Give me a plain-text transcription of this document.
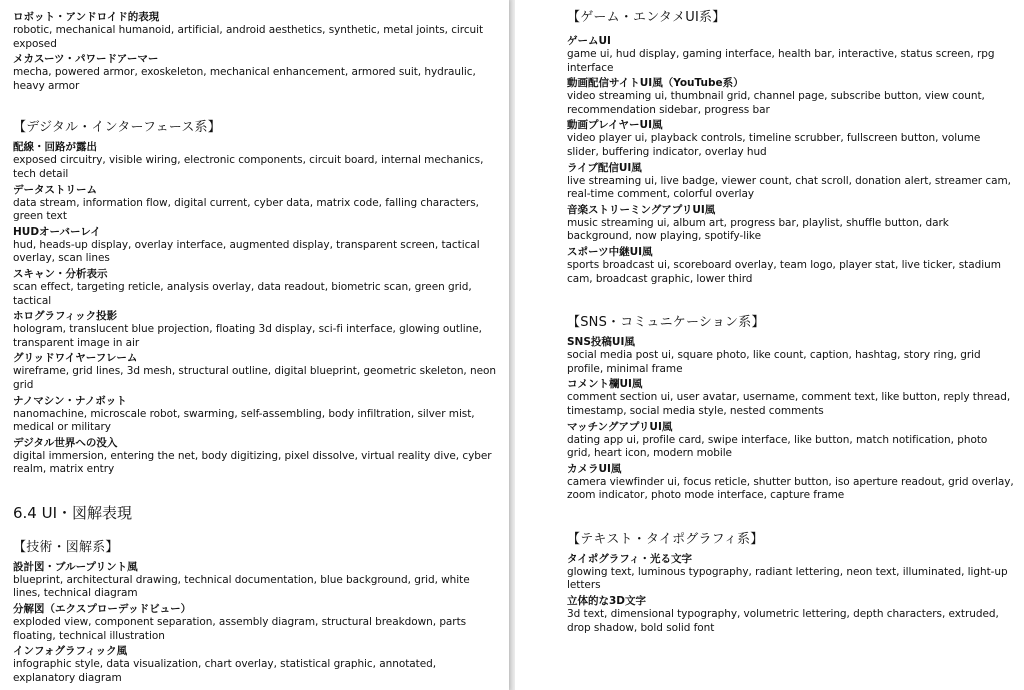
ロボット・アンドロイド的表現

robotic, mechanical humanoid, artificial, android aesthetics, synthetic, metal joints, circuit exposed

メカスーツ・パワードアーマー

mecha, powered armor, exoskeleton, mechanical enhancement, armored suit, hydraulic, heavy armor

【デジタル・インターフェース系】

配線・回路が露出

exposed circuitry, visible wiring, electronic components, circuit board, internal mechanics, tech detail

データストリーム

data stream, information flow, digital current, cyber data, matrix code, falling characters, green text

HUDオーバーレイ

hud, heads-up display, overlay interface, augmented display, transparent screen, tactical overlay, scan lines

スキャン・分析表示

scan effect, targeting reticle, analysis overlay, data readout, biometric scan, green grid, tactical

ホログラフィック投影

hologram, translucent blue projection, floating 3d display, sci-fi interface, glowing outline, transparent image in air

グリッドワイヤーフレーム

wireframe, grid lines, 3d mesh, structural outline, digital blueprint, geometric skeleton, neon grid

ナノマシン・ナノボット

nanomachine, microscale robot, swarming, self-assembling, body infiltration, silver mist, medical or military

デジタル世界への没入

digital immersion, entering the net, body digitizing, pixel dissolve, virtual reality dive, cyber realm, matrix entry

6.4 UI・図解表現
【技術・図解系】

設計図・ブループリント風

blueprint, architectural drawing, technical documentation, blue background, grid, white lines, technical diagram

分解図（エクスプローデッドビュー）

exploded view, component separation, assembly diagram, structural breakdown, parts floating, technical illustration

インフォグラフィック風

infographic style, data visualization, chart overlay, statistical graphic, annotated, explanatory diagram

【ゲーム・エンタメUI系】

ゲームUI

game ui, hud display, gaming interface, health bar, interactive, status screen, rpg interface

動画配信サイトUI風（YouTube系）

video streaming ui, thumbnail grid, channel page, subscribe button, view count, recommendation sidebar, progress bar

動画プレイヤーUI風

video player ui, playback controls, timeline scrubber, fullscreen button, volume slider, buffering indicator, overlay hud

ライブ配信UI風

live streaming ui, live badge, viewer count, chat scroll, donation alert, streamer cam, real-time comment, colorful overlay

音楽ストリーミングアプリUI風

music streaming ui, album art, progress bar, playlist, shuffle button, dark background, now playing, spotify-like

スポーツ中継UI風

sports broadcast ui, scoreboard overlay, team logo, player stat, live ticker, stadium cam, broadcast graphic, lower third

【SNS・コミュニケーション系】

SNS投稿UI風

social media post ui, square photo, like count, caption, hashtag, story ring, grid profile, minimal frame

コメント欄UI風

comment section ui, user avatar, username, comment text, like button, reply thread, timestamp, social media style, nested comments

マッチングアプリUI風

dating app ui, profile card, swipe interface, like button, match notification, photo grid, heart icon, modern mobile

カメラUI風

camera viewfinder ui, focus reticle, shutter button, iso aperture readout, grid overlay, zoom indicator, photo mode interface, capture frame

【テキスト・タイポグラフィ系】

タイポグラフィ・光る文字

glowing text, luminous typography, radiant lettering, neon text, illuminated, light-up letters

立体的な3D文字

3d text, dimensional typography, volumetric lettering, depth characters, extruded, drop shadow, bold solid font
